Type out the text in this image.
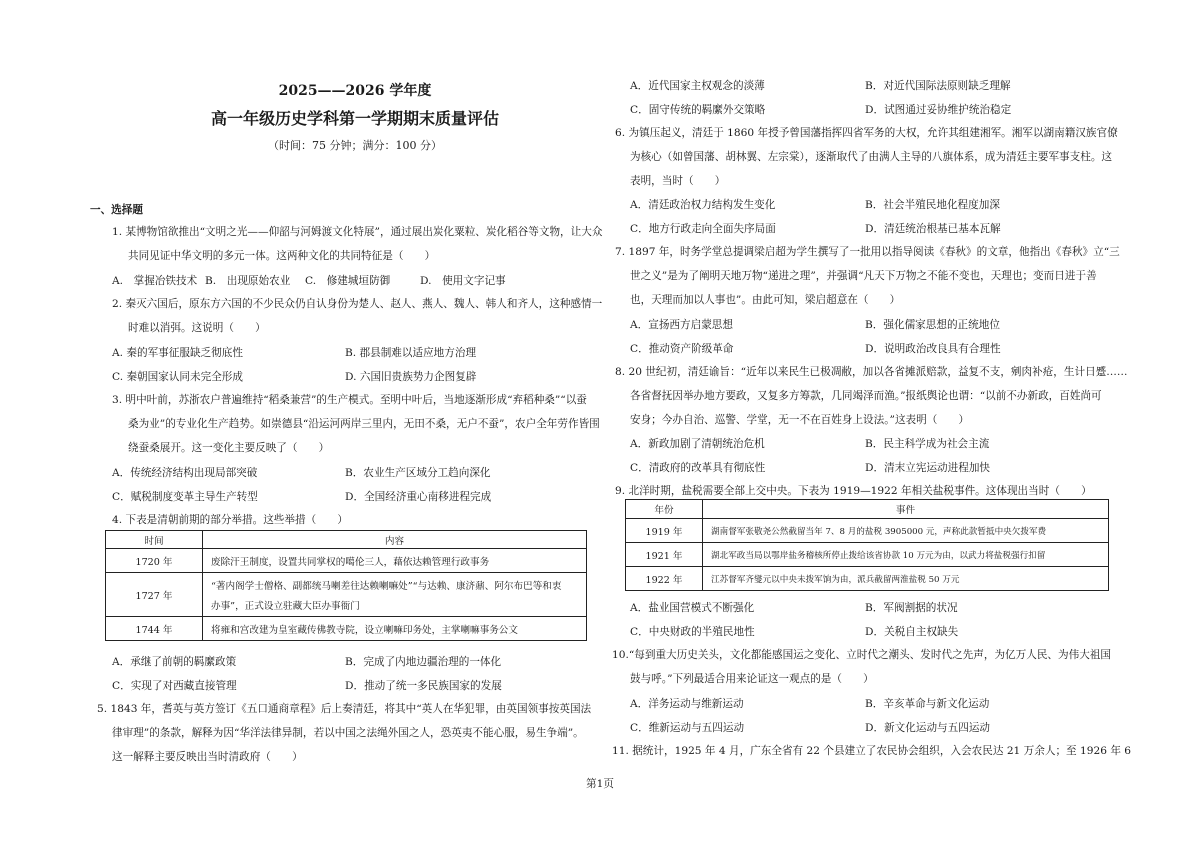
2025——2026 学年度
高一年级历史学科第一学期期末质量评估
（时间：75 分钟；满分：100 分）
一、选择题
1. 某博物馆欲推出“文明之光——仰韶与河姆渡文化特展”，通过展出炭化粟粒、炭化稻谷等文物，让大众
共同见证中华文明的多元一体。这两种文化的共同特征是（　　）
A.　掌握冶铁技术 B.　出现原始农业 C.　修建城垣防御	D.　使用文字记事
2. 秦灭六国后，原东方六国的不少民众仍自认身份为楚人、赵人、燕人、魏人、韩人和齐人，这种感情一
时难以消弭。这说明（　　）
A. 秦的军事征服缺乏彻底性	B. 郡县制难以适应地方治理
C. 秦朝国家认同未完全形成	D. 六国旧贵族势力企图复辟
3. 明中叶前，苏浙农户普遍维持“稻桑兼营”的生产模式。至明中叶后，当地逐渐形成“弃稻种桑”“以蚕
桑为业”的专业化生产趋势。如崇德县“沿运河两岸三里内，无田不桑，无户不蚕”，农户全年劳作皆围
绕蚕桑展开。这一变化主要反映了（　　）
A．传统经济结构出现局部突破	B．农业生产区域分工趋向深化
C．赋税制度变革主导生产转型	D．全国经济重心南移进程完成
4. 下表是清朝前期的部分举措。这些举措（　　）
时间	内容
1720 年	废除汗王制度，设置共同掌权的噶伦三人，藉依达赖管理行政事务
1727 年	“著内阁学士僧格、副都统马喇差往达赖喇嘛处”“与达赖、康济鼐、阿尔布巴等和衷
办事”，正式设立驻藏大臣办事衙门

1744 年	将雍和宫改建为皇室藏传佛教寺院，设立喇嘛印务处，主掌喇嘛事务公文
A．承继了前朝的羁縻政策	B．完成了内地边疆治理的一体化
C．实现了对西藏直接管理	D．推动了统一多民族国家的发展
5. 1843 年，耆英与英方签订《五口通商章程》后上奏清廷，将其中“英人在华犯罪，由英国领事按英国法
律审理”的条款，解释为因“华洋法律异制，若以中国之法绳外国之人，恐英夷不能心服，易生争端”。
这一解释主要反映出当时清政府（　　）
A．近代国家主权观念的淡薄	B．对近代国际法原则缺乏理解
C．固守传统的羁縻外交策略	D．试图通过妥协维护统治稳定
6. 为镇压起义，清廷于 1860 年授予曾国藩指挥四省军务的大权，允许其组建湘军。湘军以湖南籍汉族官僚
为核心（如曾国藩、胡林翼、左宗棠），逐渐取代了由满人主导的八旗体系，成为清廷主要军事支柱。这
表明，当时（　　）
A．清廷政治权力结构发生变化	B．社会半殖民地化程度加深
C．地方行政走向全面失序局面	D．清廷统治根基已基本瓦解
7. 1897 年，时务学堂总提调梁启超为学生撰写了一批用以指导阅读《春秋》的文章，他指出《春秋》立“三
世之义”是为了阐明天地万物“递进之理”，并强调“凡天下万物之不能不变也，天理也；变而日进于善
也，天理而加以人事也”。由此可知，梁启超意在（　　）
A．宣扬西方启蒙思想	B．强化儒家思想的正统地位
C．推动资产阶级革命	D．说明政治改良具有合理性
8. 20 世纪初，清廷谕旨：“近年以来民生已极凋敝，加以各省摊派赔款，益复不支，剜肉补疮，生计日蹙……
各省督抚因举办地方要政，又复多方筹款，几同竭泽而渔。”报纸舆论也谓：“以前不办新政，百姓尚可
安身；今办自治、巡警、学堂，无一不在百姓身上设法。”这表明（　　）
A．新政加剧了清朝统治危机	B．民主科学成为社会主流
C．清政府的改革具有彻底性	D．清末立宪运动进程加快
9. 北洋时期，盐税需要全部上交中央。下表为 1919—1922 年相关盐税事件。这体现出当时（　　）
年份	事件
1919 年	湖南督军张敬尧公然截留当年 7、8 月的盐税 3905000 元，声称此款暂抵中央欠拨军费
1921 年	湖北军政当局以鄂岸盐务稽核所停止拨给该省协款 10 万元为由，以武力将盐税强行扣留
1922 年	江苏督军齐燮元以中央未拨军饷为由，派兵截留两淮盐税 50 万元
A．盐业国营模式不断强化	B．军阀割据的状况
C．中央财政的半殖民地性	D．关税自主权缺失
10.“每到重大历史关头，文化都能感国运之变化、立时代之潮头、发时代之先声，为亿万人民、为伟大祖国
鼓与呼。”下列最适合用来论证这一观点的是（　　）
A．洋务运动与维新运动	B．辛亥革命与新文化运动
C．维新运动与五四运动	D．新文化运动与五四运动
11. 据统计，1925 年 4 月，广东全省有 22 个县建立了农民协会组织，入会农民达 21 万余人；至 1926 年 6
第1页
